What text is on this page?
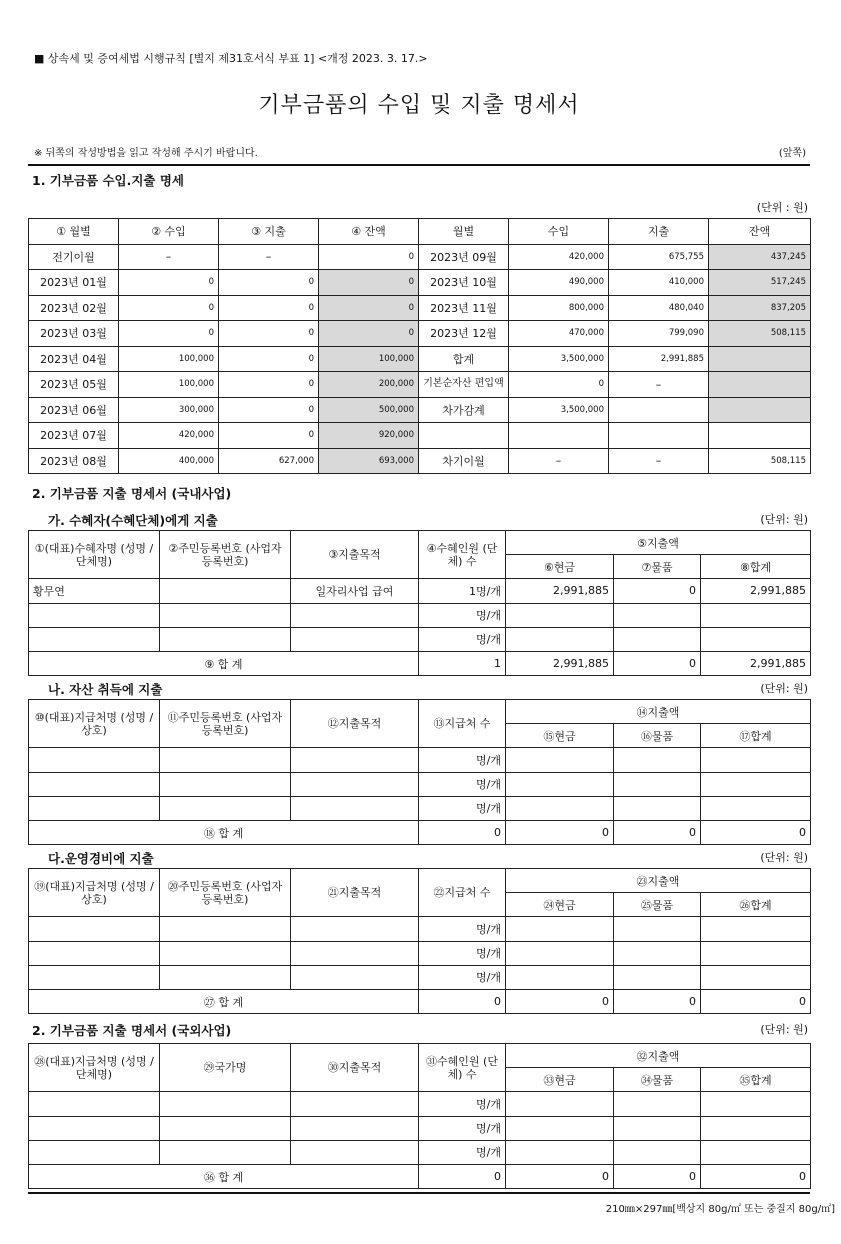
■ 상속세 및 증여세법 시행규칙 [별지 제31호서식 부표 1] <개정 2023. 3. 17.>
기부금품의 수입 및 지출 명세서
※ 뒤쪽의 작성방법을 읽고 작성해 주시기 바랍니다.	(앞쪽)
1. 기부금품 수입.지출 명세
(단위 : 원)
① 월별	② 수입	③ 지출	④ 잔액	월별	수입	지출	잔액
전기이월	–	–	0	2023년 09월	420,000	675,755	437,245
2023년 01월	0	0	0	2023년 10월	490,000	410,000	517,245
2023년 02월	0	0	0	2023년 11월	800,000	480,040	837,205
2023년 03월	0	0	0	2023년 12월	470,000	799,090	508,115
2023년 04월	100,000	0	100,000	합계	3,500,000	2,991,885	
2023년 05월	100,000	0	200,000	기본순자산 편입액	0	–	
2023년 06월	300,000	0	500,000	차가감계	3,500,000		
2023년 07월	420,000	0	920,000				
2023년 08월	400,000	627,000	693,000	차기이월	–	–	508,115
2. 기부금품 지출 명세서 (국내사업)
가. 수혜자(수혜단체)에게 지출	(단위: 원)
①(대표)수혜자명 (성명 / 단체명)	②주민등록번호 (사업자등록번호)	③지출목적	④수혜인원 (단체) 수	⑤지출액		
				⑥현금	⑦물품	⑧합계
황무연		일자리사업 급여	1명/개	2,991,885	0	2,991,885
			명/개			
			명/개			
⑨ 합 계			1	2,991,885	0	2,991,885
나. 자산 취득에 지출	(단위: 원)
⑩(대표)지급처명 (성명 / 상호)	⑪주민등록번호 (사업자등록번호)	⑫지출목적	⑬지급처 수	⑭지출액		
				⑮현금	⑯물품	⑰합계
			명/개			
			명/개			
			명/개			
⑱ 합 계			0	0	0	0
다.운영경비에 지출	(단위: 원)
⑲(대표)지급처명 (성명 / 상호)	⑳주민등록번호 (사업자등록번호)	㉑지출목적	㉒지급처 수	㉓지출액		
				㉔현금	㉕물품	㉖합계
			명/개			
			명/개			
			명/개			
㉗ 합 계			0	0	0	0
2. 기부금품 지출 명세서 (국외사업)	(단위: 원)
㉘(대표)지급처명 (성명 / 단체명)	㉙국가명	㉚지출목적	㉛수혜인원 (단체) 수	㉜지출액		
				㉝현금	㉞물품	㉟합계
			명/개			
			명/개			
			명/개			
㊱ 합 계			0	0	0	0
210㎜×297㎜[백상지 80g/㎡ 또는 중질지 80g/㎡]
